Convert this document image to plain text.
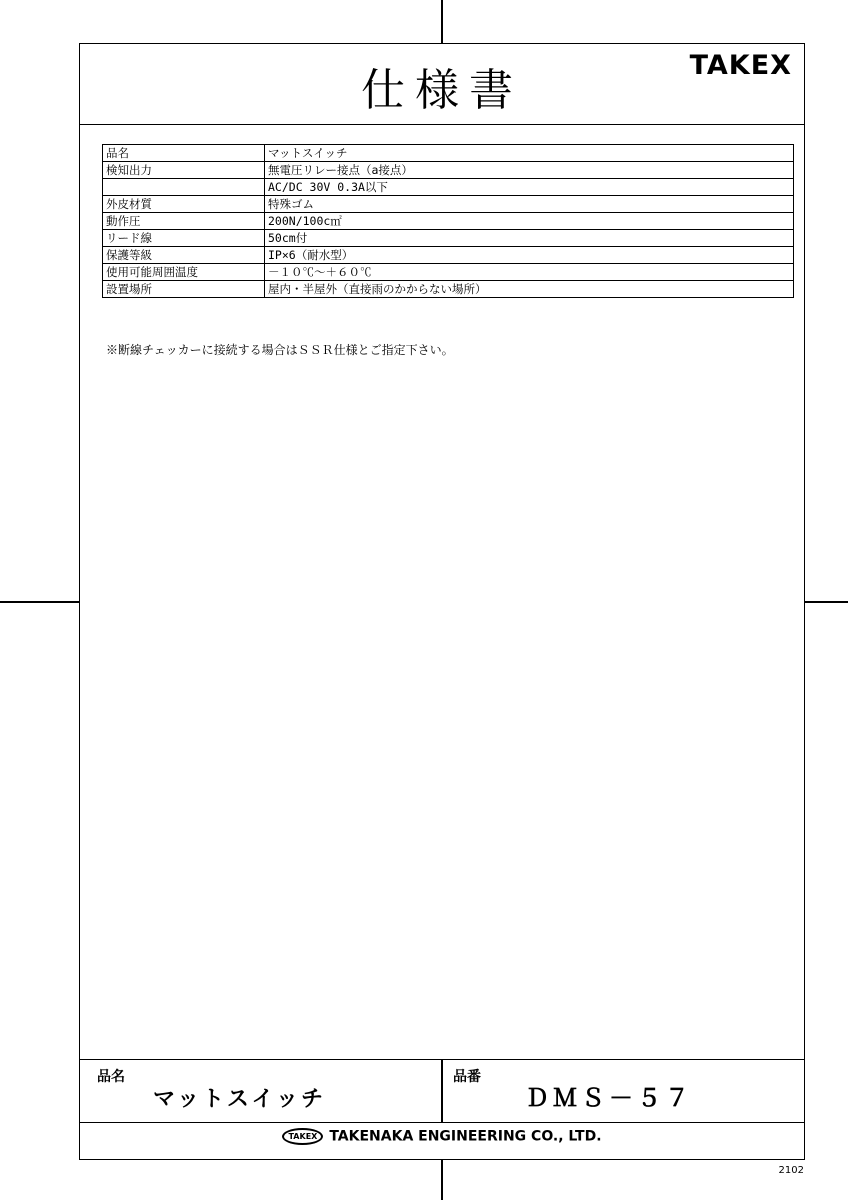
仕様書	TAKEX
品名	マットスイッチ
検知出力	無電圧リレー接点（a接点）
	AC/DC 30V 0.3A以下
外皮材質	特殊ゴム
動作圧	200N/100c㎡
リード線	50cm付
保護等級	IP×6（耐水型）
使用可能周囲温度	－１０℃～＋６０℃
設置場所	屋内・半屋外（直接雨のかからない場所）
※断線チェッカーに接続する場合はＳＳＲ仕様とご指定下さい。
品名
マットスイッチ
品番
ＤＭＳ－５７
TAKEX TAKENAKA ENGINEERING CO., LTD.
2102
